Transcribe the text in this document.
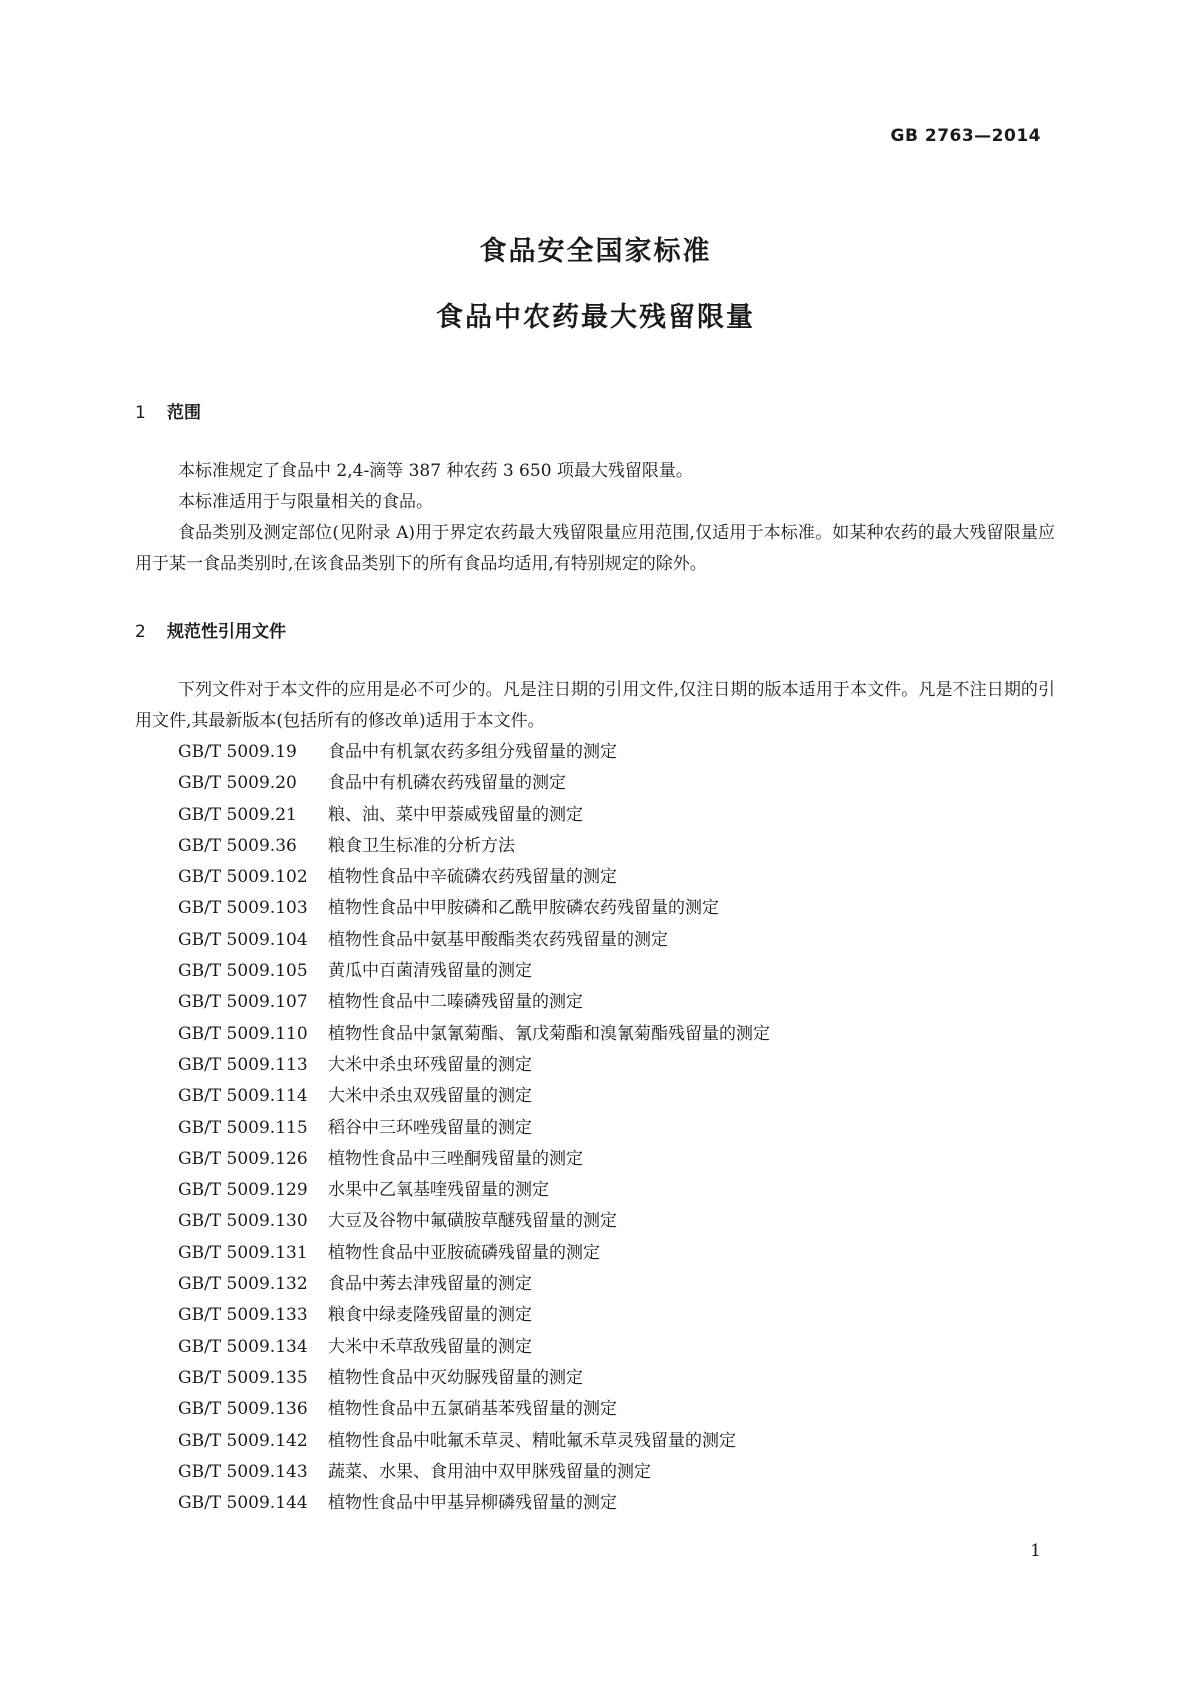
GB 2763—2014
食品安全国家标准
食品中农药最大残留限量
1 范围
本标准规定了食品中 2,4-滴等 387 种农药 3 650 项最大残留限量。
本标准适用于与限量相关的食品。
食品类别及测定部位(见附录 A)用于界定农药最大残留限量应用范围,仅适用于本标准。如某种农药的最大残留限量应用于某一食品类别时,在该食品类别下的所有食品均适用,有特别规定的除外。
2 规范性引用文件
下列文件对于本文件的应用是必不可少的。凡是注日期的引用文件,仅注日期的版本适用于本文件。凡是不注日期的引用文件,其最新版本(包括所有的修改单)适用于本文件。
GB/T 5009.19 食品中有机氯农药多组分残留量的测定
GB/T 5009.20 食品中有机磷农药残留量的测定
GB/T 5009.21 粮、油、菜中甲萘威残留量的测定
GB/T 5009.36 粮食卫生标准的分析方法
GB/T 5009.102 植物性食品中辛硫磷农药残留量的测定
GB/T 5009.103 植物性食品中甲胺磷和乙酰甲胺磷农药残留量的测定
GB/T 5009.104 植物性食品中氨基甲酸酯类农药残留量的测定
GB/T 5009.105 黄瓜中百菌清残留量的测定
GB/T 5009.107 植物性食品中二嗪磷残留量的测定
GB/T 5009.110 植物性食品中氯氰菊酯、氰戊菊酯和溴氰菊酯残留量的测定
GB/T 5009.113 大米中杀虫环残留量的测定
GB/T 5009.114 大米中杀虫双残留量的测定
GB/T 5009.115 稻谷中三环唑残留量的测定
GB/T 5009.126 植物性食品中三唑酮残留量的测定
GB/T 5009.129 水果中乙氧基喹残留量的测定
GB/T 5009.130 大豆及谷物中氟磺胺草醚残留量的测定
GB/T 5009.131 植物性食品中亚胺硫磷残留量的测定
GB/T 5009.132 食品中莠去津残留量的测定
GB/T 5009.133 粮食中绿麦隆残留量的测定
GB/T 5009.134 大米中禾草敌残留量的测定
GB/T 5009.135 植物性食品中灭幼脲残留量的测定
GB/T 5009.136 植物性食品中五氯硝基苯残留量的测定
GB/T 5009.142 植物性食品中吡氟禾草灵、精吡氟禾草灵残留量的测定
GB/T 5009.143 蔬菜、水果、食用油中双甲脒残留量的测定
GB/T 5009.144 植物性食品中甲基异柳磷残留量的测定
1
